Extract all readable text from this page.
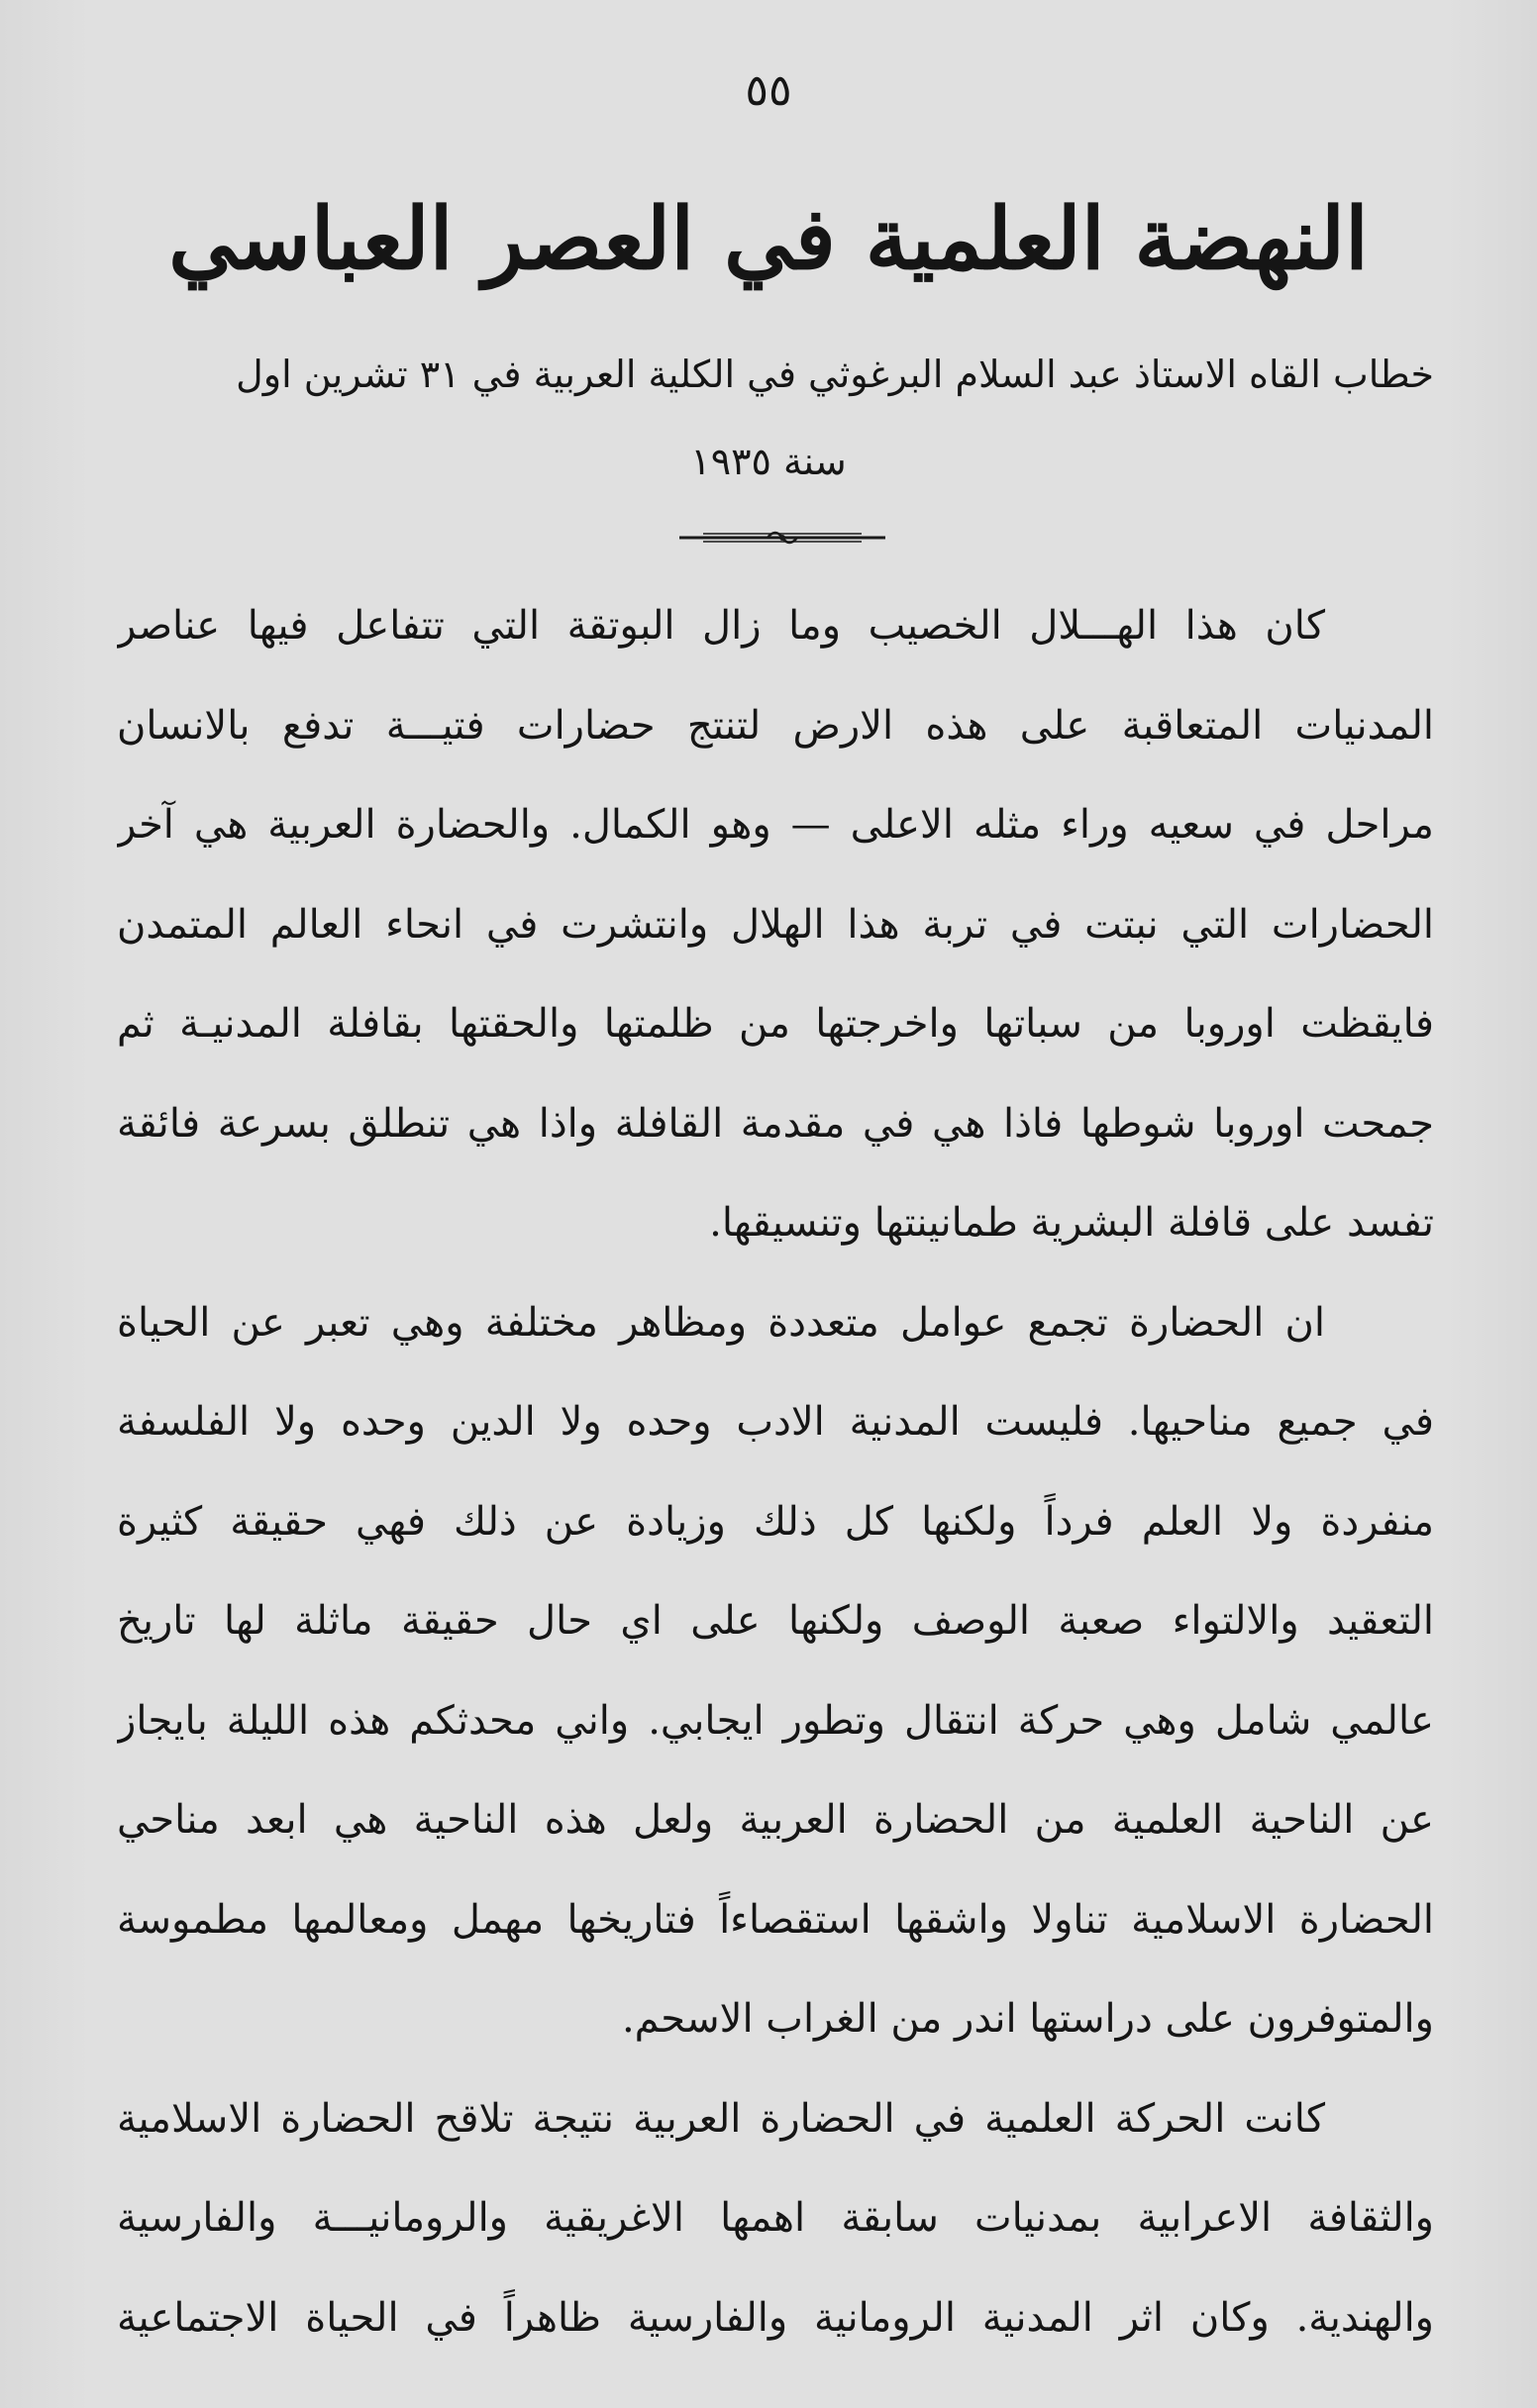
٥٥
النهضة العلمية في العصر العباسي
خطاب القاه الاستاذ عبد السلام البرغوثي في الكلية العربية في ٣١ تشرين اول
سنة ١٩٣٥

كان هذا الهـــلال الخصيب وما زال البوتقة التي تتفاعل فيها عناصر
المدنيات المتعاقبة على هذه الارض لتنتج حضارات فتيـــة تدفع بالانسان
مراحل في سعيه وراء مثله الاعلى — وهو الكمال. والحضارة العربية هي آخر
الحضارات التي نبتت في تربة هذا الهلال وانتشرت في انحاء العالم المتمدن
فايقظت اوروبا من سباتها واخرجتها من ظلمتها والحقتها بقافلة المدنيـة ثم
جمحت اوروبا شوطها فاذا هي في مقدمة القافلة واذا هي تنطلق بسرعة فائقة
تفسد على قافلة البشرية طمانينتها وتنسيقها.

ان الحضارة تجمع عوامل متعددة ومظاهر مختلفة وهي تعبر عن الحياة
في جميع مناحيها. فليست المدنية الادب وحده ولا الدين وحده ولا الفلسفة
منفردة ولا العلم فرداً ولكنها كل ذلك وزيادة عن ذلك فهي حقيقة كثيرة
التعقيد والالتواء صعبة الوصف ولكنها على اي حال حقيقة ماثلة لها تاريخ
عالمي شامل وهي حركة انتقال وتطور ايجابي. واني محدثكم هذه الليلة بايجاز
عن الناحية العلمية من الحضارة العربية ولعل هذه الناحية هي ابعد مناحي
الحضارة الاسلامية تناولا واشقها استقصاءاً فتاريخها مهمل ومعالمها مطموسة
والمتوفرون على دراستها اندر من الغراب الاسحم.

كانت الحركة العلمية في الحضارة العربية نتيجة تلاقح الحضارة الاسلامية
والثقافة الاعرابية بمدنيات سابقة اهمها الاغريقية والرومانيـــة والفارسية
والهندية. وكان اثر المدنية الرومانية والفارسية ظاهراً في الحياة الاجتماعية
